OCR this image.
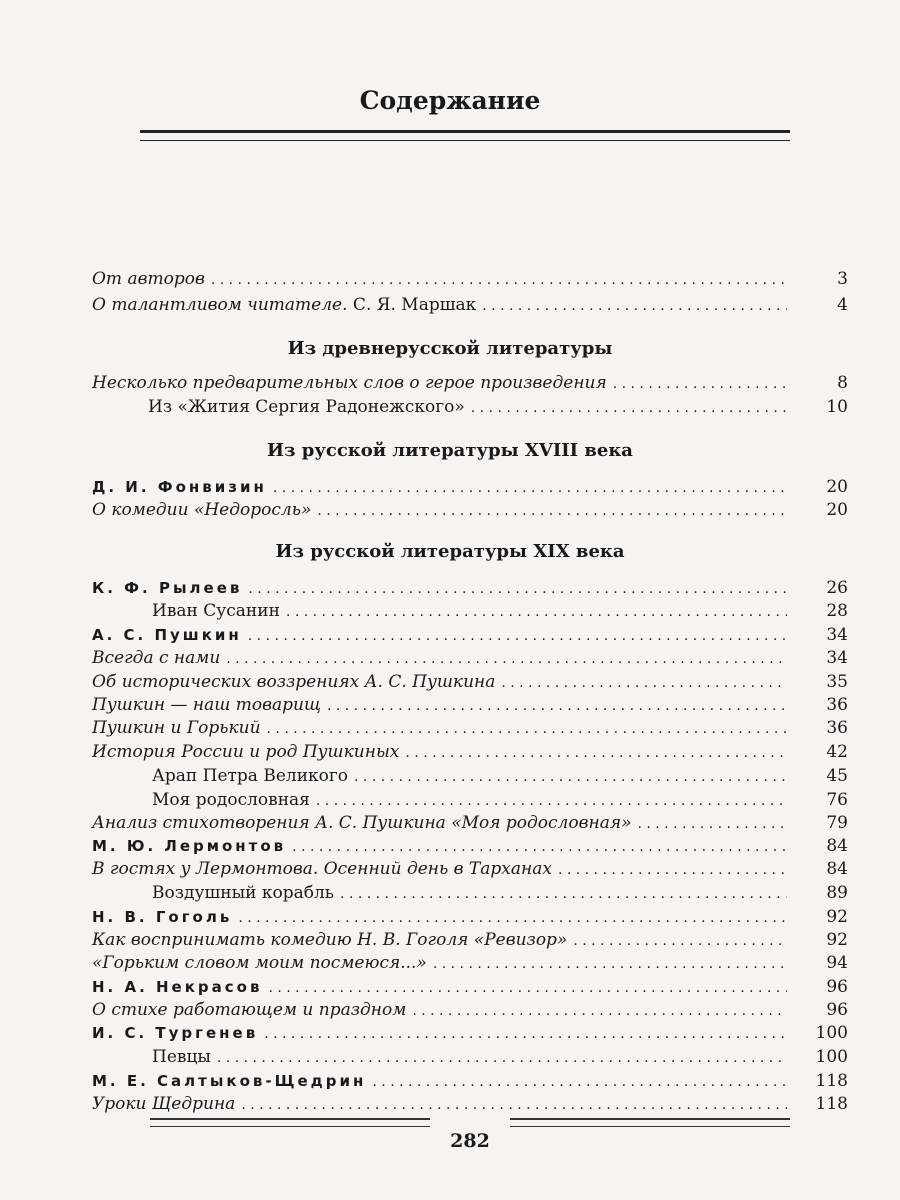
Содержание
От авторов . . .	3
О талантливом читателе. С. Я. Маршак . . .	4
Из древнерусской литературы
Несколько предварительных слов о герое произведения . . .	8
Из «Жития Сергия Радонежского» . . .	10
Из русской литературы XVIII века
Д. И. Фонвизин . . .	20
О комедии «Недоросль» . . .	20
Из русской литературы XIX века
К. Ф. Рылеев . . .	26
Иван Сусанин . . .	28
А. С. Пушкин . . .	34
Всегда с нами . . .	34
Об исторических воззрениях А. С. Пушкина . . .	35
Пушкин — наш товарищ . . .	36
Пушкин и Горький . . .	36
История России и род Пушкиных . . .	42
Арап Петра Великого . . .	45
Моя родословная . . .	76
Анализ стихотворения А. С. Пушкина «Моя родословная» . . .	79
М. Ю. Лермонтов . . .	84
В гостях у Лермонтова. Осенний день в Тарханах . . .	84
Воздушный корабль . . .	89
Н. В. Гоголь . . .	92
Как воспринимать комедию Н. В. Гоголя «Ревизор» . . .	92
«Горьким словом моим посмеюся...» . . .	94
Н. А. Некрасов . . .	96
О стихе работающем и праздном . . .	96
И. С. Тургенев . . .	100
Певцы . . .	100
М. Е. Салтыков-Щедрин . . .	118
Уроки Щедрина . . .	118
282
